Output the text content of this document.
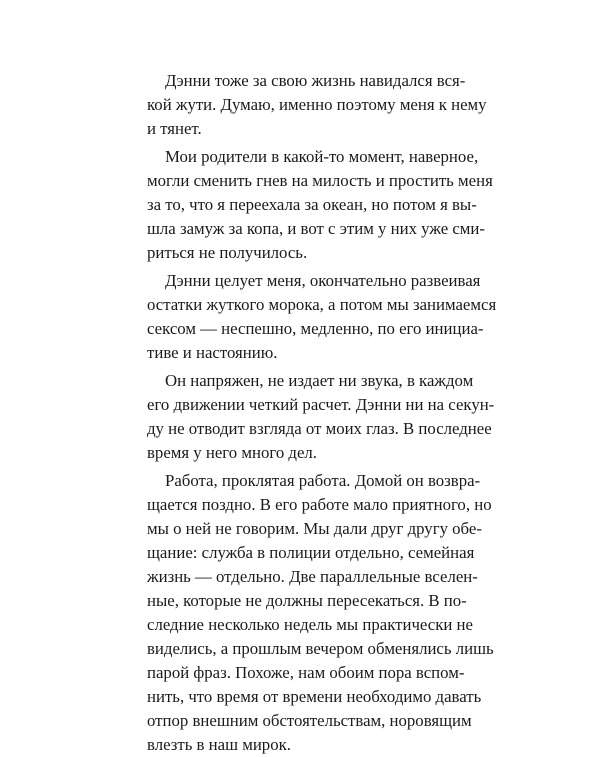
Дэнни тоже за свою жизнь навидался вся-
кой жути. Думаю, именно поэтому меня к нему
и тянет.
Мои родители в какой-то момент, наверное,
могли сменить гнев на милость и простить меня
за то, что я переехала за океан, но потом я вы-
шла замуж за копа, и вот с этим у них уже сми-
риться не получилось.
Дэнни целует меня, окончательно развеивая
остатки жуткого морока, а потом мы занимаемся
сексом — неспешно, медленно, по его инициа-
тиве и настоянию.
Он напряжен, не издает ни звука, в каждом
его движении четкий расчет. Дэнни ни на секун-
ду не отводит взгляда от моих глаз. В последнее
время у него много дел.
Работа, проклятая работа. Домой он возвра-
щается поздно. В его работе мало приятного, но
мы о ней не говорим. Мы дали друг другу обе-
щание: служба в полиции отдельно, семейная
жизнь — отдельно. Две параллельные вселен-
ные, которые не должны пересекаться. В по-
следние несколько недель мы практически не
виделись, а прошлым вечером обменялись лишь
парой фраз. Похоже, нам обоим пора вспом-
нить, что время от времени необходимо давать
отпор внешним обстоятельствам, норовящим
влезть в наш мирок.
